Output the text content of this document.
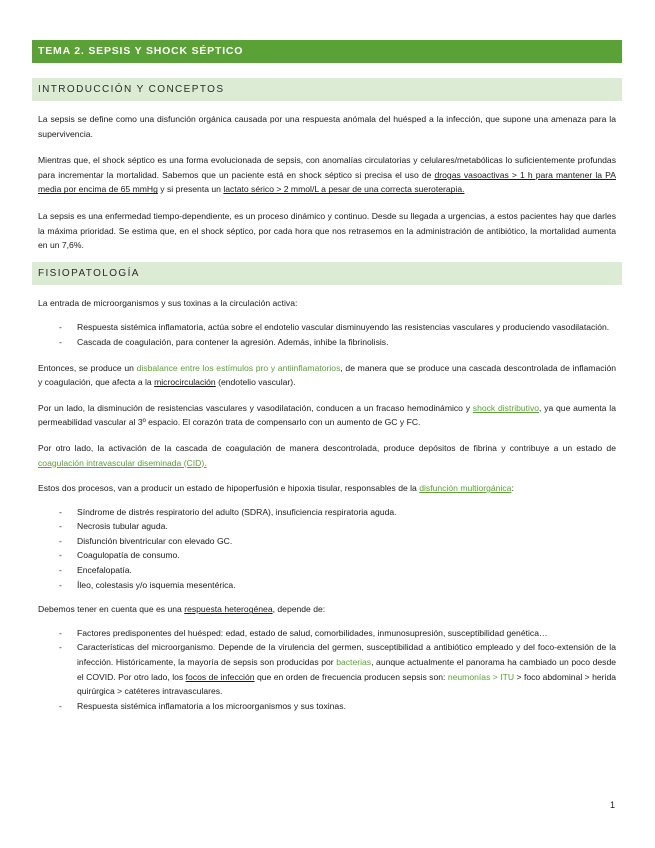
TEMA 2. SEPSIS Y SHOCK SÉPTICO
INTRODUCCIÓN Y CONCEPTOS

La sepsis se define como una disfunción orgánica causada por una respuesta anómala del huésped a la infección, que supone una amenaza para la supervivencia.

Mientras que, el shock séptico es una forma evolucionada de sepsis, con anomalías circulatorias y celulares/metabólicas lo suficientemente profundas para incrementar la mortalidad. Sabemos que un paciente está en shock séptico si precisa el uso de drogas vasoactivas > 1 h para mantener la PA media por encima de 65 mmHg y si presenta un lactato sérico > 2 mmol/L a pesar de una correcta sueroterapia.

La sepsis es una enfermedad tiempo-dependiente, es un proceso dinámico y continuo. Desde su llegada a urgencias, a estos pacientes hay que darles la máxima prioridad. Se estima que, en el shock séptico, por cada hora que nos retrasemos en la administración de antibiótico, la mortalidad aumenta en un 7,6%.

FISIOPATOLOGÍA

La entrada de microorganismos y sus toxinas a la circulación activa:

- Respuesta sistémica inflamatoria, actúa sobre el endotelio vascular disminuyendo las resistencias vasculares y produciendo vasodilatación.
- Cascada de coagulación, para contener la agresión. Además, inhibe la fibrinolisis.

Entonces, se produce un disbalance entre los estímulos pro y antiinflamatorios, de manera que se produce una cascada descontrolada de inflamación y coagulación, que afecta a la microcirculación (endotelio vascular).

Por un lado, la disminución de resistencias vasculares y vasodilatación, conducen a un fracaso hemodinámico y shock distributivo, ya que aumenta la permeabilidad vascular al 3º espacio. El corazón trata de compensarlo con un aumento de GC y FC.

Por otro lado, la activación de la cascada de coagulación de manera descontrolada, produce depósitos de fibrina y contribuye a un estado de coagulación intravascular diseminada (CID).

Estos dos procesos, van a producir un estado de hipoperfusión e hipoxia tisular, responsables de la disfunción multiorgánica:

- Síndrome de distrés respiratorio del adulto (SDRA), insuficiencia respiratoria aguda.
- Necrosis tubular aguda.
- Disfunción biventricular con elevado GC.
- Coagulopatía de consumo.
- Encefalopatía.
- Íleo, colestasis y/o isquemia mesentérica.

Debemos tener en cuenta que es una respuesta heterogénea, depende de:

- Factores predisponentes del huésped: edad, estado de salud, comorbilidades, inmunosupresión, susceptibilidad genética…
- Características del microorganismo. Depende de la virulencia del germen, susceptibilidad a antibiótico empleado y del foco-extensión de la infección. Históricamente, la mayoría de sepsis son producidas por bacterias, aunque actualmente el panorama ha cambiado un poco desde el COVID. Por otro lado, los focos de infección que en orden de frecuencia producen sepsis son: neumonías > ITU > foco abdominal > herida quirúrgica > catéteres intravasculares.
- Respuesta sistémica inflamatoria a los microorganismos y sus toxinas.
1
